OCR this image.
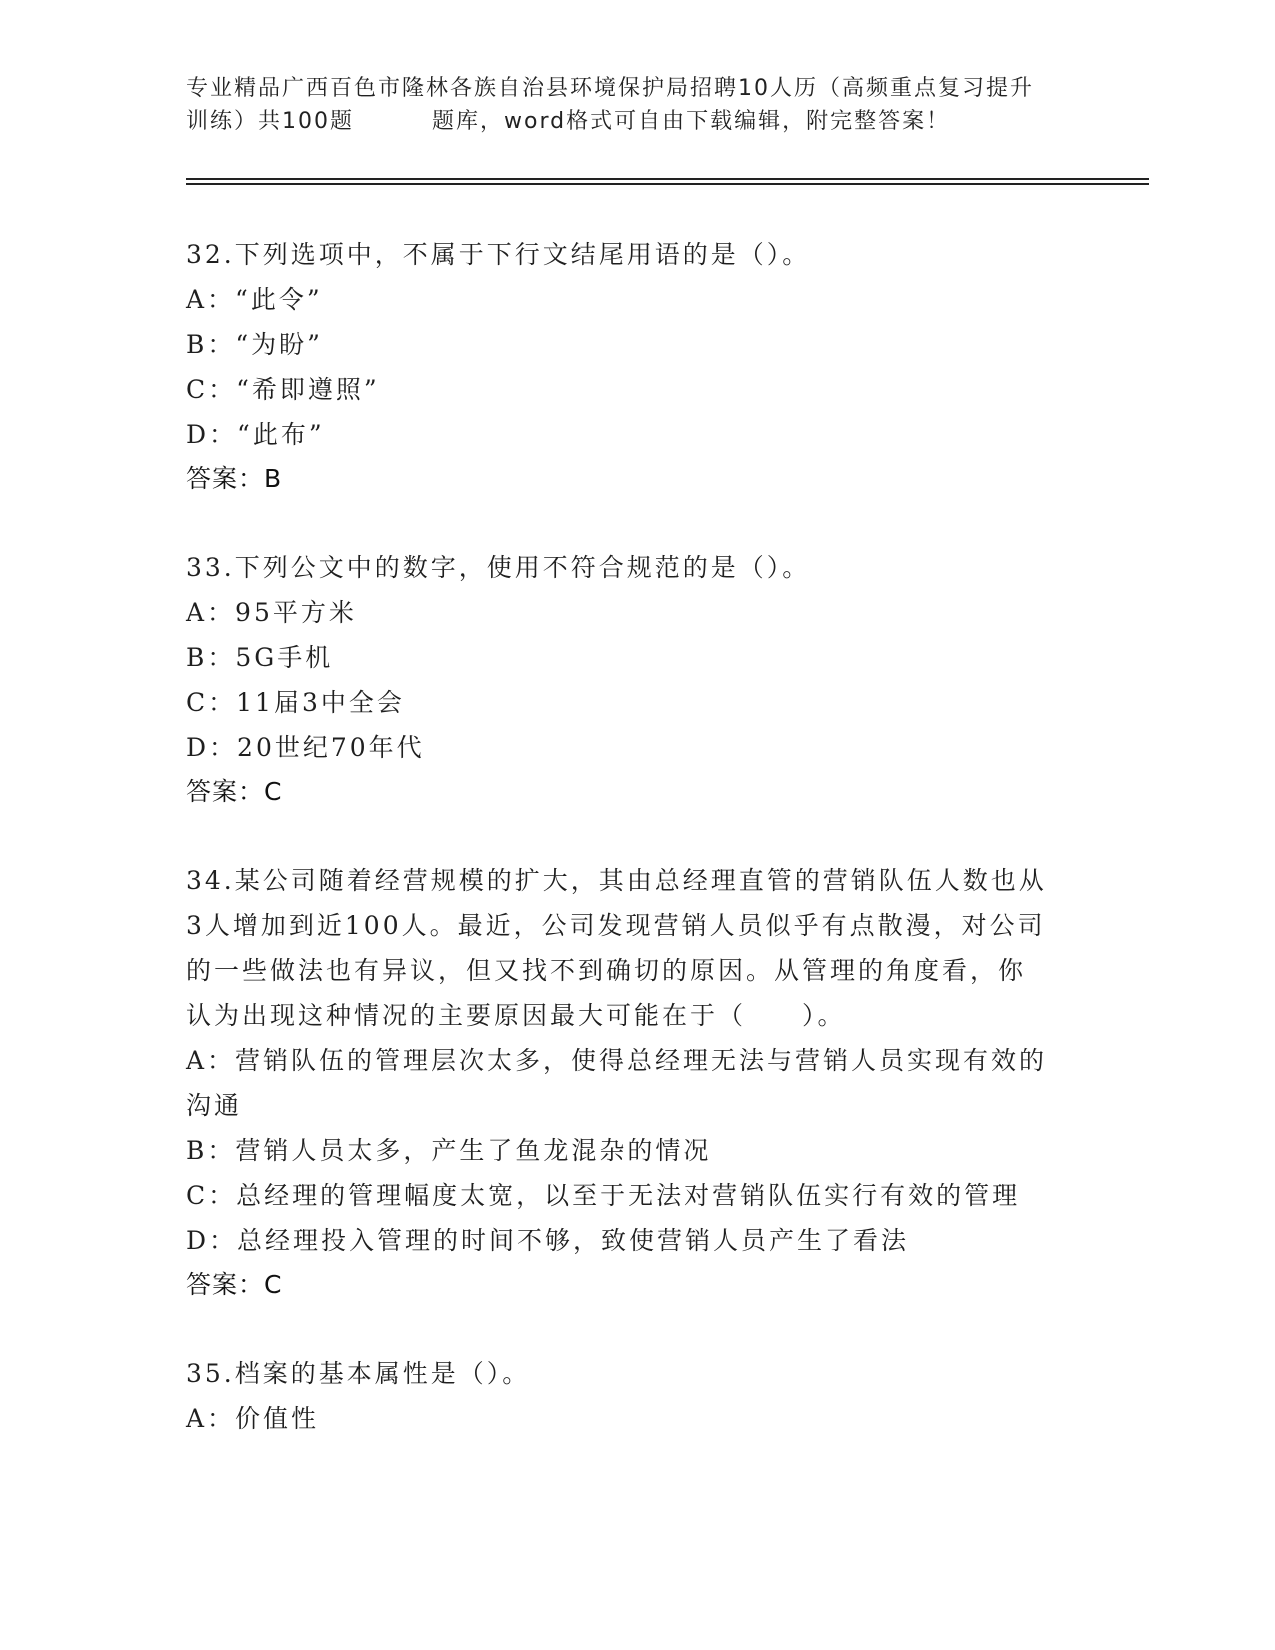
专业精品广西百色市隆林各族自治县环境保护局招聘10人历（高频重点复习提升
训练）共100题	题库，word格式可自由下载编辑，附完整答案！
32.下列选项中，不属于下行文结尾用语的是（）。
A：“此令”
B：“为盼”
C：“希即遵照”
D：“此布”
答案：B
33.下列公文中的数字，使用不符合规范的是（）。
A：95平方米
B：5G手机
C：11届3中全会
D：20世纪70年代
答案：C
34.某公司随着经营规模的扩大，其由总经理直管的营销队伍人数也从
3人增加到近100人。最近，公司发现营销人员似乎有点散漫，对公司
的一些做法也有异议，但又找不到确切的原因。从管理的角度看，你
认为出现这种情况的主要原因最大可能在于（　　）。
A：营销队伍的管理层次太多，使得总经理无法与营销人员实现有效的
沟通
B：营销人员太多，产生了鱼龙混杂的情况
C：总经理的管理幅度太宽，以至于无法对营销队伍实行有效的管理
D：总经理投入管理的时间不够，致使营销人员产生了看法
答案：C
35.档案的基本属性是（）。
A：价值性
